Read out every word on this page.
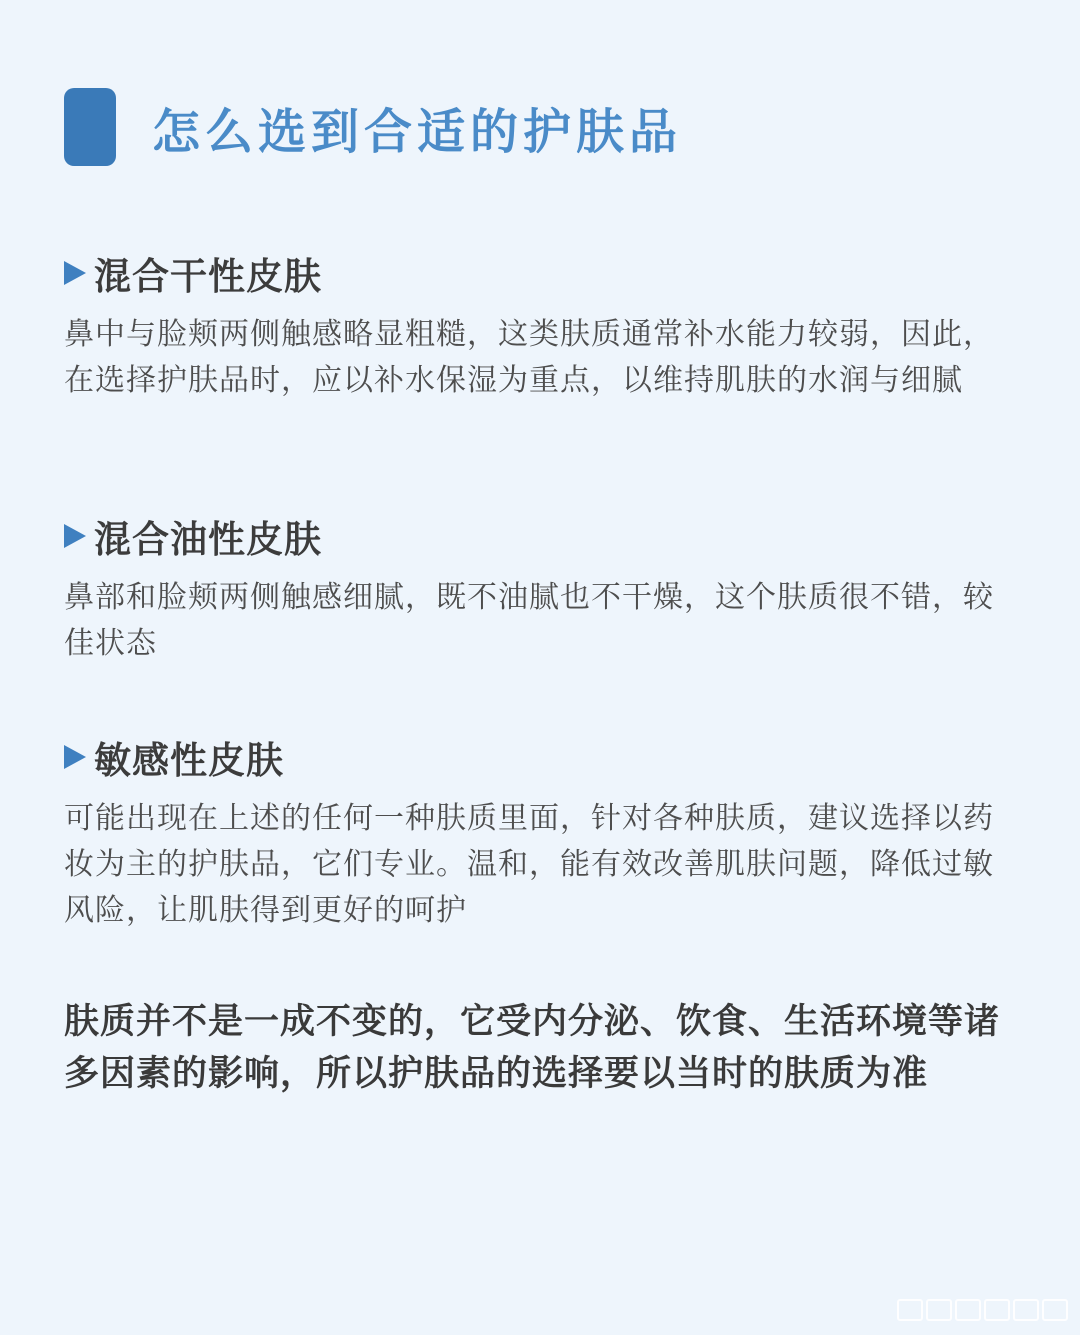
怎么选到合适的护肤品
混合干性皮肤
鼻中与脸颊两侧触感略显粗糙，这类肤质通常补水能力较弱，因此，在选择护肤品时，应以补水保湿为重点，以维持肌肤的水润与细腻
混合油性皮肤
鼻部和脸颊两侧触感细腻，既不油腻也不干燥，这个肤质很不错，较佳状态
敏感性皮肤
可能出现在上述的任何一种肤质里面，针对各种肤质，建议选择以药妆为主的护肤品，它们专业。温和，能有效改善肌肤问题，降低过敏风险，让肌肤得到更好的呵护
肤质并不是一成不变的，它受内分泌、饮食、生活环境等诸多因素的影响，所以护肤品的选择要以当时的肤质为准
